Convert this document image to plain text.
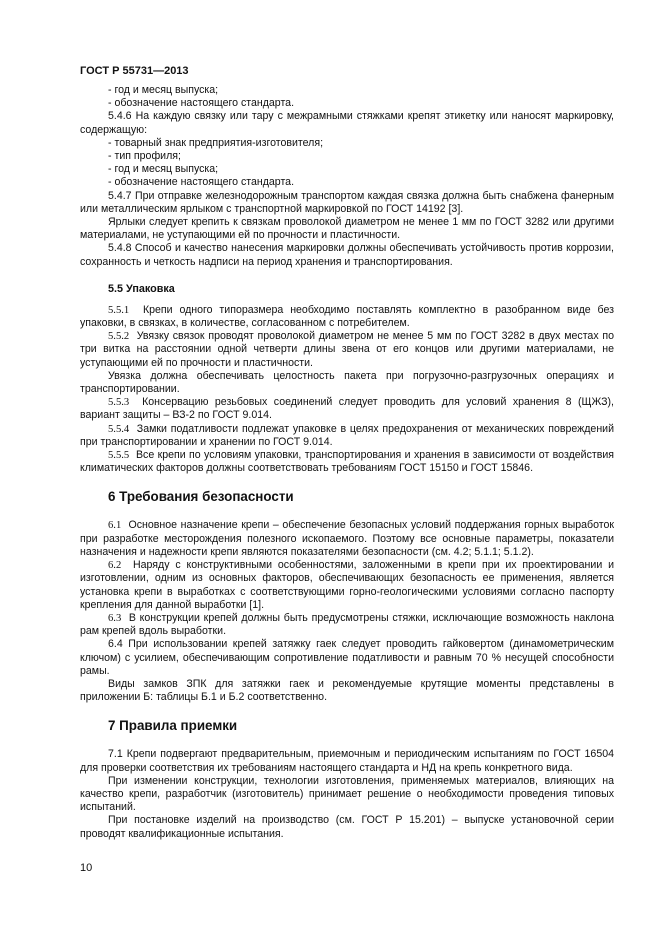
ГОСТ Р 55731—2013

- год и месяц выпуска;

- обозначение настоящего стандарта.

5.4.6 На каждую связку или тару с межрамными стяжками крепят этикетку или наносят маркировку, содержащую:

- товарный знак предприятия-изготовителя;

- тип профиля;

- год и месяц выпуска;

- обозначение настоящего стандарта.

5.4.7 При отправке железнодорожным транспортом каждая связка должна быть снабжена фанерным или металлическим ярлыком с транспортной маркировкой по ГОСТ 14192 [3].

Ярлыки следует крепить к связкам проволокой диаметром не менее 1 мм по ГОСТ 3282 или другими материалами, не уступающими ей по прочности и пластичности.

5.4.8 Способ и качество нанесения маркировки должны обеспечивать устойчивость против коррозии, сохранность и четкость надписи на период хранения и транспортирования.

5.5 Упаковка

5.5.1 Крепи одного типоразмера необходимо поставлять комплектно в разобранном виде без упаковки, в связках, в количестве, согласованном с потребителем.

5.5.2 Увязку связок проводят проволокой диаметром не менее 5 мм по ГОСТ 3282 в двух местах по три витка на расстоянии одной четверти длины звена от его концов или другими материалами, не уступающими ей по прочности и пластичности.

Увязка должна обеспечивать целостность пакета при погрузочно-разгрузочных операциях и транспортировании.

5.5.3 Консервацию резьбовых соединений следует проводить для условий хранения 8 (ЩЖЗ), вариант защиты – ВЗ-2 по ГОСТ 9.014.

5.5.4 Замки податливости подлежат упаковке в целях предохранения от механических повреждений при транспортировании и хранении по ГОСТ 9.014.

5.5.5 Все крепи по условиям упаковки, транспортирования и хранения в зависимости от воздействия климатических факторов должны соответствовать требованиям ГОСТ 15150 и ГОСТ 15846.

6 Требования безопасности

6.1 Основное назначение крепи – обеспечение безопасных условий поддержания горных выработок при разработке месторождения полезного ископаемого. Поэтому все основные параметры, показатели назначения и надежности крепи являются показателями безопасности (см. 4.2; 5.1.1; 5.1.2).

6.2 Наряду с конструктивными особенностями, заложенными в крепи при их проектировании и изготовлении, одним из основных факторов, обеспечивающих безопасность ее применения, является установка крепи в выработках с соответствующими горно-геологическими условиями согласно паспорту крепления для данной выработки [1].

6.3 В конструкции крепей должны быть предусмотрены стяжки, исключающие возможность наклона рам крепей вдоль выработки.

6.4 При использовании крепей затяжку гаек следует проводить гайковертом (динамометрическим ключом) с усилием, обеспечивающим сопротивление податливости и равным 70 % несущей способности рамы.

Виды замков ЗПК для затяжки гаек и рекомендуемые крутящие моменты представлены в приложении Б: таблицы Б.1 и Б.2 соответственно.

7 Правила приемки

7.1 Крепи подвергают предварительным, приемочным и периодическим испытаниям по ГОСТ 16504 для проверки соответствия их требованиям настоящего стандарта и НД на крепь конкретного вида.

При изменении конструкции, технологии изготовления, применяемых материалов, влияющих на качество крепи, разработчик (изготовитель) принимает решение о необходимости проведения типовых испытаний.

При постановке изделий на производство (см. ГОСТ Р 15.201) – выпуске установочной серии проводят квалификационные испытания.

10
